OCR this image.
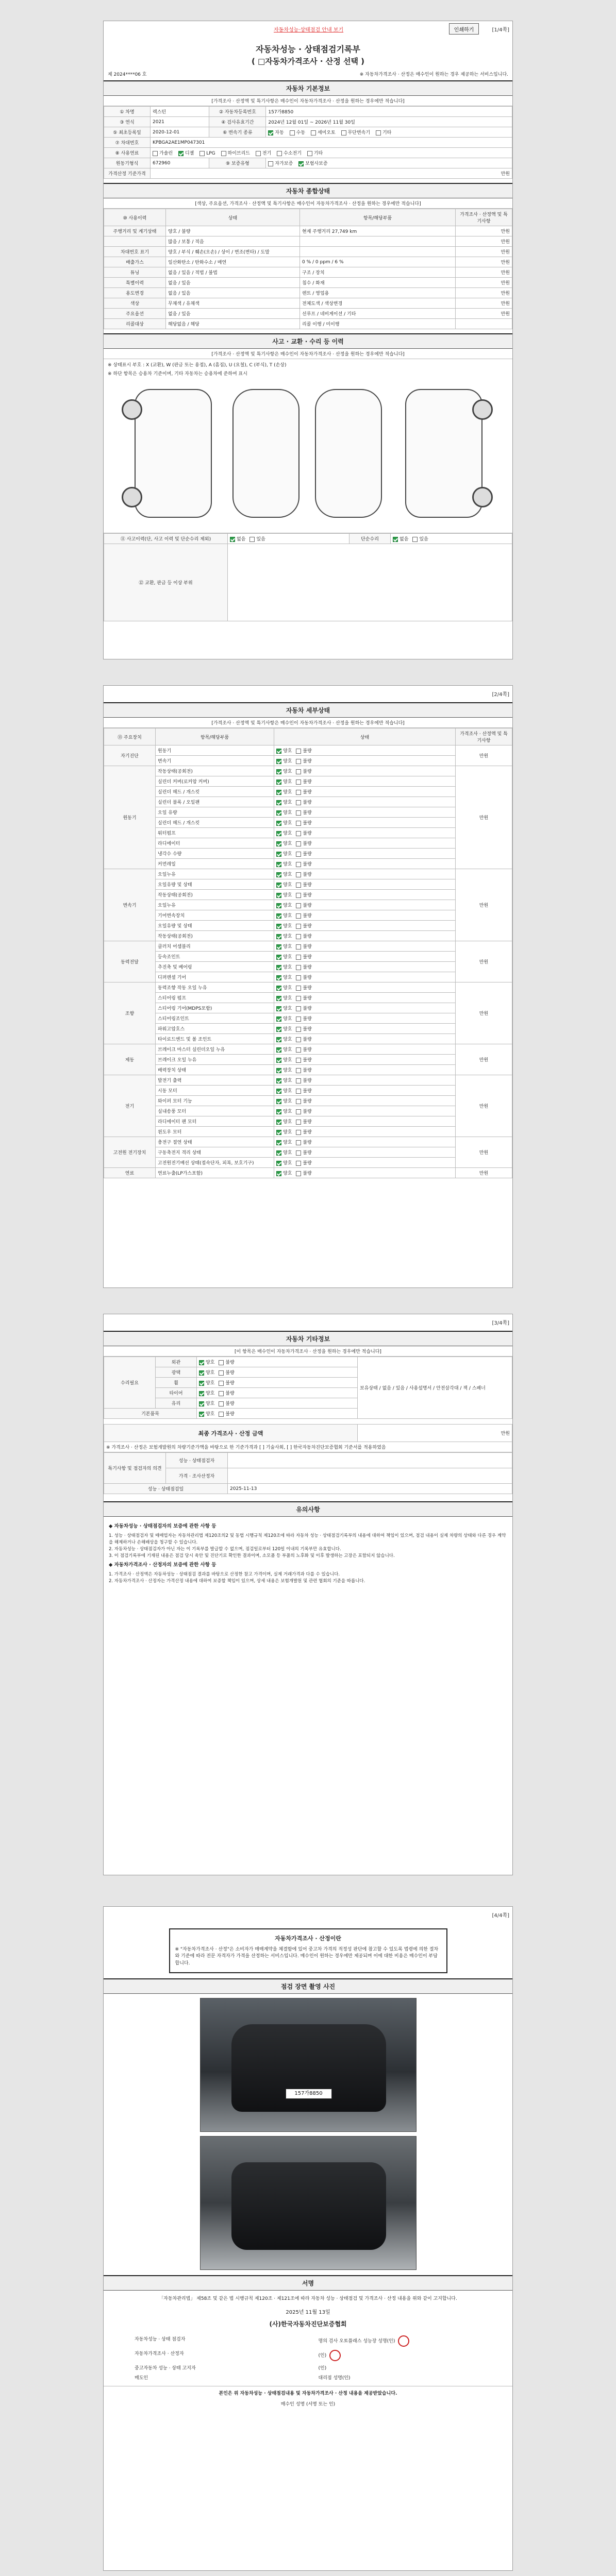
자동차성능·상태점검 안내 보기	인쇄하기	[1/4쪽]
자동차성능 · 상태점검기록부
( □자동차가격조사 · 산정 선택 )
제 2024****06 호	※ 자동차가격조사 · 산정은 매수인이 원하는 경우 제공하는 서비스입니다.
자동차 기본정보
[가격조사 · 산정액 및 특기사항은 매수인이 자동차가격조사 · 산정을 원하는 경우에만 적습니다]
① 차명	렉스턴	② 자동차등록번호	157가8850
③ 연식	2021	④ 검사유효기간	2024년 12월 01일 ~ 2026년 11월 30일
⑤ 최초등록일	2020-12-01	⑥ 변속기 종류	자동 수동 세미오토 무단변속기 기타
⑦ 차대번호	KPBGA2AE1MP047301		
⑧ 사용연료	가솔린 디젤 LPG 하이브리드 전기 수소전기 기타		
원동기형식	672960	⑨ 보증유형	자가보증 보험사보증
가격산정 기준가격	만원		
자동차 종합상태
[색상, 주요옵션, 가격조사 · 산정액 및 특기사항은 매수인이 자동차가격조사 · 산정을 원하는 경우에만 적습니다]
⑩ 사용이력	상태	항목/해당부품	가격조사 · 산정액 및 특기사항
주행거리 및 계기상태	양호 / 불량	현재 주행거리 27,749 km	만원
	많음 / 보통 / 적음		만원
차대번호 표기	양호 / 부식 / 훼손(오손) / 상이 / 변조(변타) / 도말		만원
배출가스	일산화탄소 / 탄화수소 / 매연	0 % / 0 ppm / 6 %	만원
튜닝	없음 / 있음 / 적법 / 불법	구조 / 장치	만원
특별이력	없음 / 있음	침수 / 화재	만원
용도변경	없음 / 있음	렌트 / 영업용	만원
색상	무채색 / 유채색	전체도색 / 색상변경	만원
주요옵션	없음 / 있음	선루프 / 네비게이션 / 기타	만원
리콜대상	해당없음 / 해당	리콜 이행 / 미이행	
사고 · 교환 · 수리 등 이력
[가격조사 · 산정액 및 특기사항은 매수인이 자동차가격조사 · 산정을 원하는 경우에만 적습니다]
※ 상태표시 부호 : X (교환), W (판금 또는 용접), A (흠집), U (요철), C (부식), T (손상)
※ 하단 항목은 승용차 기준이며, 기타 자동차는 승용차에 준하여 표시
⑪ 사고이력(단, 사고 이력 및 단순수리 제외)	없음 있음	단순수리	없음 있음
⑫ 교환, 판금 등 이상 부위			
[2/4쪽]
자동차 세부상태
[가격조사 · 산정액 및 특기사항은 매수인이 자동차가격조사 · 산정을 원하는 경우에만 적습니다]
⑬ 주요장치	항목/해당부품	상태	가격조사 · 산정액 및 특기사항
자기진단	원동기	양호 불량	만원
	변속기	양호 불량	
원동기	작동상태(공회전)	양호 불량	만원
	실린더 커버(로커암 커버)	양호 불량	
	실린더 헤드 / 개스킷	양호 불량	
	실린더 블록 / 오일팬	양호 불량	
	오일 유량	양호 불량	
	실린더 헤드 / 개스킷	양호 불량	
	워터펌프	양호 불량	
	라디에이터	양호 불량	
	냉각수 수량	양호 불량	
	커먼레일	양호 불량	
변속기	오일누유	양호 불량	만원
	오일유량 및 상태	양호 불량	
	작동상태(공회전)	양호 불량	
	오일누유	양호 불량	
	기어변속장치	양호 불량	
	오일유량 및 상태	양호 불량	
	작동상태(공회전)	양호 불량	
동력전달	클러치 어셈블리	양호 불량	만원
	등속조인트	양호 불량	
	추진축 및 베어링	양호 불량	
	디퍼렌셜 기어	양호 불량	
조향	동력조향 작동 오일 누유	양호 불량	만원
	스티어링 펌프	양호 불량	
	스티어링 기어(MDPS포함)	양호 불량	
	스티어링조인트	양호 불량	
	파워고압호스	양호 불량	
	타이로드엔드 및 볼 조인트	양호 불량	
제동	브레이크 마스터 실린더오일 누유	양호 불량	만원
	브레이크 오일 누유	양호 불량	
	배력장치 상태	양호 불량	
전기	발전기 출력	양호 불량	만원
	시동 모터	양호 불량	
	와이퍼 모터 기능	양호 불량	
	실내송풍 모터	양호 불량	
	라디에이터 팬 모터	양호 불량	
	윈도우 모터	양호 불량	
고전원 전기장치	충전구 절연 상태	양호 불량	만원
	구동축전지 격리 상태	양호 불량	
	고전원전기배선 상태(접속단자, 피복, 보호기구)	양호 불량	
연료	연료누출(LP가스포함)	양호 불량	만원
[3/4쪽]
자동차 기타정보
[이 항목은 매수인이 자동차가격조사 · 산정을 원하는 경우에만 적습니다]
수리필요	외관	양호 불량	보유상태 / 없음 / 있음 / 사용설명서 / 안전삼각대 / 잭 / 스패너
	광택	양호 불량	
	휠	양호 불량	
	타이어	양호 불량	
	유리	양호 불량	
기본품목		양호 불량	
최종 가격조사 · 산정 금액	만원
※ 가격조사 · 산정은 보험개발원의 차량기준가액을 바탕으로 한 기준가격과 [ ] 기술사회, [ ] 한국자동차진단보증협회 기준서를 적용하였음
특기사항 및 점검자의 의견	성능 · 상태점검자	
	가격 · 조사산정자	
성능 · 상태점검일		2025-11-13
유의사항
◆ 자동차성능 · 상태점검자의 보증에 관한 사항 등

1. 성능 · 상태점검자 및 매매업자는 자동차관리법 제120조의2 및 동법 시행규칙 제120조에 따라 자동차 성능 · 상태점검기록부의 내용에 대하여 책임이 있으며, 점검 내용이 실제 차량의 상태와 다른 경우 계약을 해제하거나 손해배상을 청구할 수 있습니다.

2. 자동차성능 · 상태점검자가 아닌 자는 이 기록부를 발급할 수 없으며, 점검일로부터 120일 이내의 기록부만 유효합니다.

3. 이 점검기록부에 기재된 내용은 점검 당시 육안 및 진단기로 확인한 결과이며, 소모품 등 부품의 노후화 및 이후 발생하는 고장은 포함되지 않습니다.

◆ 자동차가격조사 · 산정자의 보증에 관한 사항 등

1. 가격조사 · 산정액은 자동차성능 · 상태점검 결과를 바탕으로 산정한 참고 가격이며, 실제 거래가격과 다를 수 있습니다.

2. 자동차가격조사 · 산정자는 가격산정 내용에 대하여 보증할 책임이 있으며, 상세 내용은 보험개발원 및 관련 협회의 기준을 따릅니다.

[4/4쪽]
자동차가격조사 · 산정이란
※ "자동차가격조사 · 산정"은 소비자가 매매계약을 체결함에 있어 중고차 가격의 적정성 판단에 참고할 수 있도록 법령에 의한 절차와 기준에 따라 전문 자격자가 가격을 산정하는 서비스입니다. 매수인이 원하는 경우에만 제공되며 이에 대한 비용은 매수인이 부담합니다.
점검 장면 촬영 사진
157가8850
서명
「자동차관리법」 제58조 및 같은 법 시행규칙 제120조 · 제121조에 따라 자동차 성능 · 상태점검 및 가격조사 · 산정 내용을 위와 같이 고지합니다.
2025년 11월 13일
(사)한국자동차진단보증협회
자동차성능 · 상태 점검자	명의 검사 오토플래스 성능장 성명(인)
자동차가격조사 · 산정자	(인)
중고자동차 성능 · 상태 고지자	(인)
매도인	대리점 성명(인)
본인은 위 자동차성능 · 상태점검내용 및 자동차가격조사 · 산정 내용을 제공받았습니다.
매수인 성명 (서명 또는 인)
